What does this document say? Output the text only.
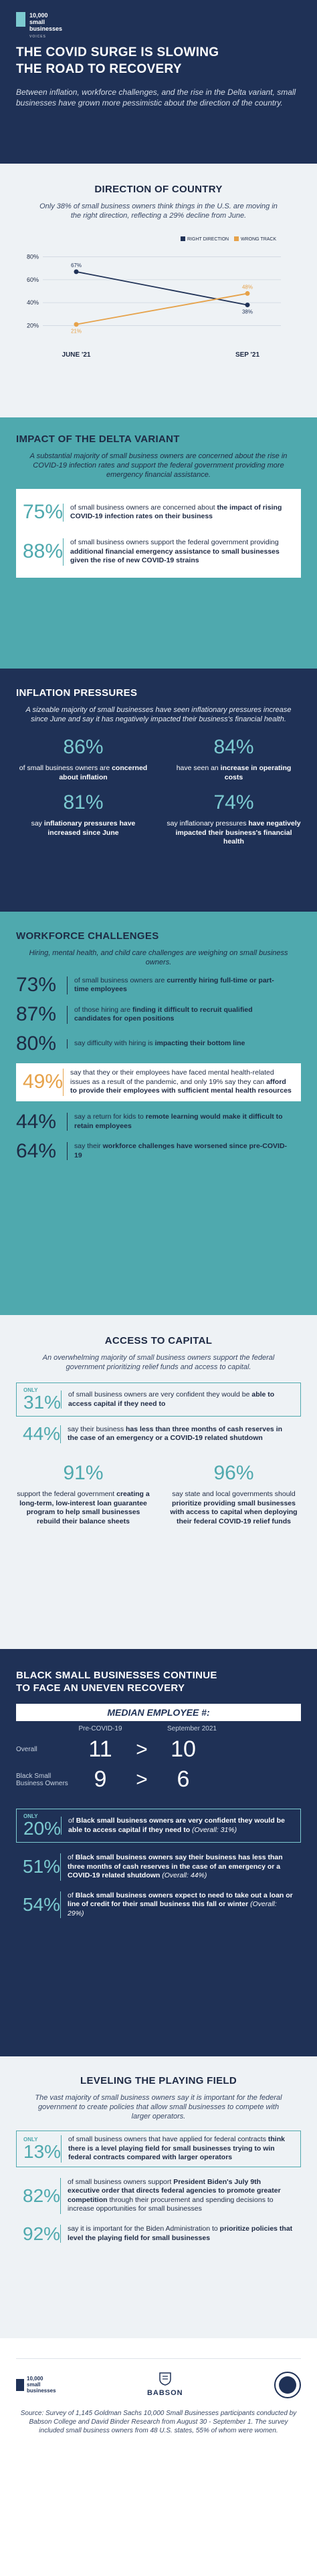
10,000
small
businesses
VOICES
THE COVID SURGE IS SLOWING
THE ROAD TO RECOVERY

Between inflation, workforce challenges, and the rise in the Delta variant, small businesses have grown more pessimistic about the direction of the country.

DIRECTION OF COUNTRY
Only 38% of small business owners think things in the U.S. are moving in the right direction, reflecting a 29% decline from June.
20%
40%
60%
80%
RIGHT DIRECTION	WRONG TRACK
67%
38%
21%
48%
JUNE '21	SEP '21
IMPACT OF THE DELTA VARIANT
A substantial majority of small business owners are concerned about the rise in COVID-19 infection rates and support the federal government providing more emergency financial assistance.
75%	of small business owners are concerned about the impact of rising COVID-19 infection rates on their business
88%	of small business owners support the federal government providing additional financial emergency assistance to small businesses given the rise of new COVID-19 strains
INFLATION PRESSURES
A sizeable majority of small businesses have seen inflationary pressures increase since June and say it has negatively impacted their business's financial health.
86%
of small business owners are concerned about inflation
84%
have seen an increase in operating costs
81%
say inflationary pressures have increased since June
74%
say inflationary pressures have negatively impacted their business's financial health
WORKFORCE CHALLENGES
Hiring, mental health, and child care challenges are weighing on small business owners.
73%	of small business owners are currently hiring full-time or part-time employees
87%	of those hiring are finding it difficult to recruit qualified candidates for open positions
80%	say difficulty with hiring is impacting their bottom line
49%	say that they or their employees have faced mental health-related issues as a result of the pandemic, and only 19% say they can afford to provide their employees with sufficient mental health resources
44%	say a return for kids to remote learning would make it difficult to retain employees
64%	say their workforce challenges have worsened since pre-COVID-19
ACCESS TO CAPITAL
An overwhelming majority of small business owners support the federal government prioritizing relief funds and access to capital.
ONLY
31%	of small business owners are very confident they would be able to access capital if they need to
44%	say their business has less than three months of cash reserves in the case of an emergency or a COVID-19 related shutdown
91%
support the federal government creating a long-term, low-interest loan guarantee program to help small businesses rebuild their balance sheets
96%
say state and local governments should prioritize providing small businesses with access to capital when deploying their federal COVID-19 relief funds
BLACK SMALL BUSINESSES CONTINUE
TO FACE AN UNEVEN RECOVERY
MEDIAN EMPLOYEE #:
Pre-COVID-19	September 2021
Overall	11	>	10
Black Small Business Owners	9	>	6
ONLY
20%	of Black small business owners are very confident they would be able to access capital if they need to (Overall: 31%)
51%	of Black small business owners say their business has less than three months of cash reserves in the case of an emergency or a COVID-19 related shutdown (Overall: 44%)
54%	of Black small business owners expect to need to take out a loan or line of credit for their small business this fall or winter (Overall: 29%)
LEVELING THE PLAYING FIELD
The vast majority of small business owners say it is important for the federal government to create policies that allow small businesses to compete with larger operators.
ONLY
13%
of small business owners that have applied for federal contracts think there is a level playing field for small businesses trying to win federal contracts compared with larger operators
82%
of small business owners support President Biden's July 9th executive order that directs federal agencies to promote greater competition through their procurement and spending decisions to increase opportunities for small businesses
92%	say it is important for the Biden Administration to prioritize policies that level the playing field for small businesses
10,000
small
businesses	BABSON
Source: Survey of 1,145 Goldman Sachs 10,000 Small Businesses participants conducted by Babson College and David Binder Research from August 30 - September 1. The survey included small business owners from 48 U.S. states, 55% of whom were women.
